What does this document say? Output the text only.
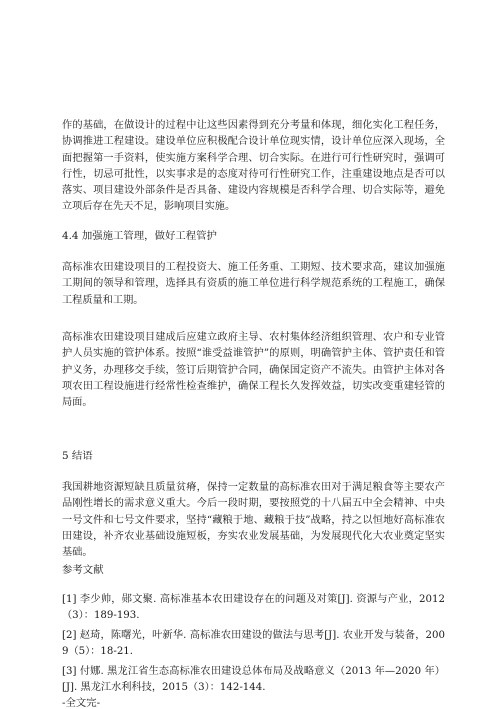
作的基础，在做设计的过程中让这些因素得到充分考量和体现，细化实化工程任务，协调推进工程建设。建设单位应积极配合设计单位现实情，设计单位应深入现场，全面把握第一手资料，使实施方案科学合理、切合实际。在进行可行性研究时，强调可行性，切忌可批性，以实事求是的态度对待可行性研究工作，注重建设地点是否可以落实、项目建设外部条件是否具备、建设内容规模是否科学合理、切合实际等，避免立项后存在先天不足，影响项目实施。

4.4 加强施工管理，做好工程管护

高标准农田建设项目的工程投资大、施工任务重、工期短、技术要求高，建议加强施工期间的领导和管理，选择具有资质的施工单位进行科学规范系统的工程施工，确保工程质量和工期。

高标准农田建设项目建成后应建立政府主导、农村集体经济组织管理、农户和专业管护人员实施的管护体系。按照“谁受益谁管护”的原则，明确管护主体、管护责任和管护义务，办理移交手续，签订后期管护合同，确保国定资产不流失。由管护主体对各项农田工程设施进行经常性检查维护，确保工程长久发挥效益，切实改变重建轻管的局面。

5 结语

我国耕地资源短缺且质量贫瘠，保持一定数量的高标准农田对于满足粮食等主要农产品刚性增长的需求意义重大。今后一段时期，要按照党的十八届五中全会精神、中央一号文件和七号文件要求，坚持“藏粮于地、藏粮于技”战略，持之以恒地好高标准农田建设，补齐农业基础设施短板，夯实农业发展基础，为发展现代化大农业奠定坚实基础。

参考文献

[1] 李少帅，郧文聚. 高标准基本农田建设存在的问题及对策[J]. 资源与产业，2012（3）：189-193.

[2] 赵琦，陈曙光，叶新华. 高标准农田建设的做法与思考[J]. 农业开发与装备，2009（5）：18-21.

[3] 付娜. 黑龙江省生态高标准农田建设总体布局及战略意义（2013 年—2020 年）[J]. 黑龙江水利科技，2015（3）：142-144.

-全文完-
